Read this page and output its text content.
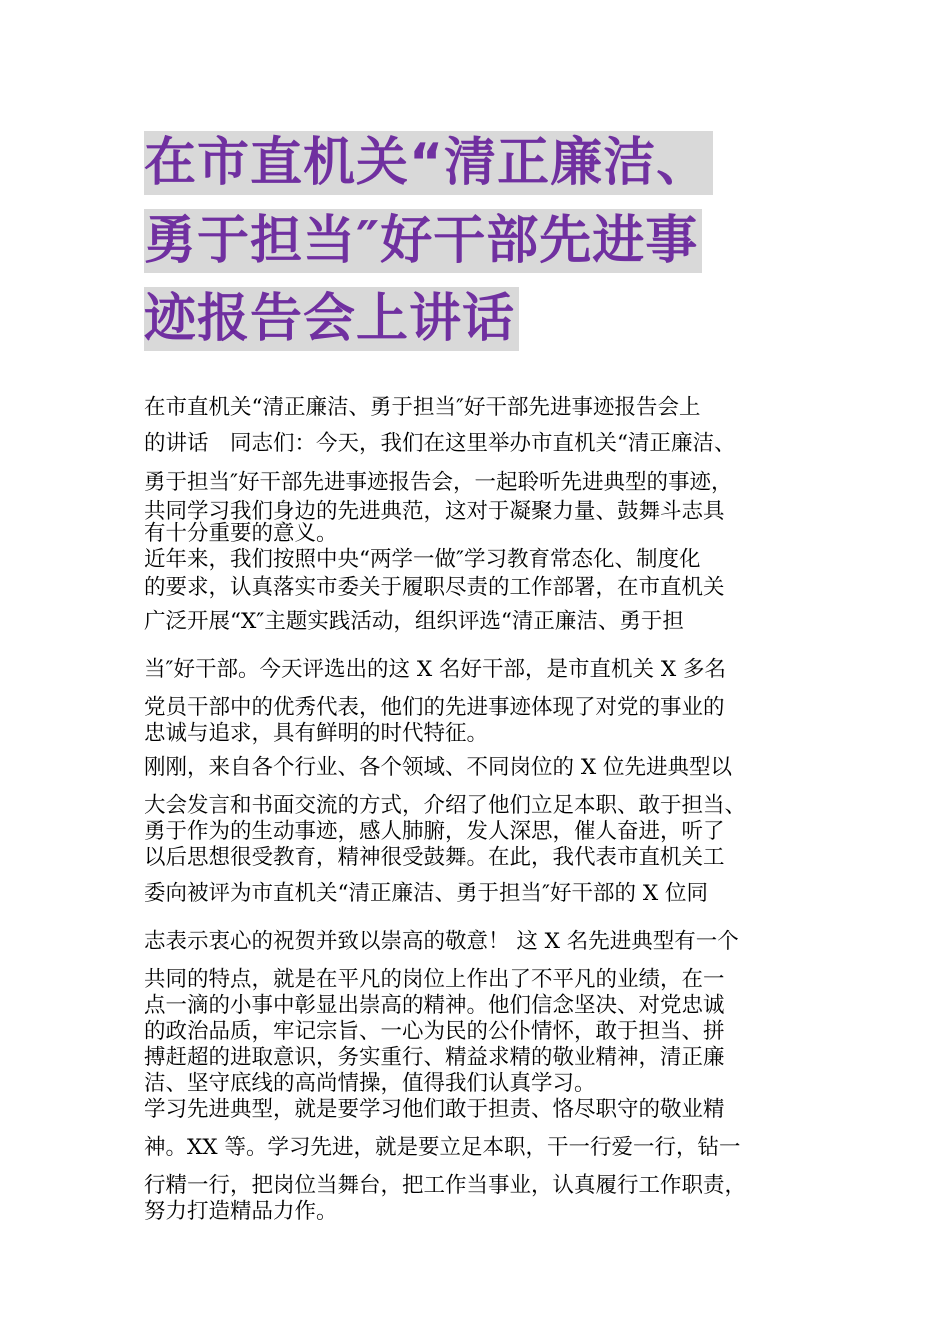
在市直机关“清正廉洁、
勇于担当″好干部先进事
迹报告会上讲话
在市直机关“清正廉洁、勇于担当″好干部先进事迹报告会上
的讲话　同志们：今天，我们在这里举办市直机关“清正廉洁、
勇于担当″好干部先进事迹报告会，一起聆听先进典型的事迹，
共同学习我们身边的先进典范，这对于凝聚力量、鼓舞斗志具
有十分重要的意义。
近年来，我们按照中央“两学一做″学习教育常态化、制度化
的要求，认真落实市委关于履职尽责的工作部署，在市直机关
广泛开展“X″主题实践活动，组织评选“清正廉洁、勇于担
当″好干部。今天评选出的这 X 名好干部，是市直机关 X 多名
党员干部中的优秀代表，他们的先进事迹体现了对党的事业的
忠诚与追求，具有鲜明的时代特征。
刚刚，来自各个行业、各个领域、不同岗位的 X 位先进典型以
大会发言和书面交流的方式，介绍了他们立足本职、敢于担当、
勇于作为的生动事迹，感人肺腑，发人深思，催人奋进，听了
以后思想很受教育，精神很受鼓舞。在此，我代表市直机关工
委向被评为市直机关“清正廉洁、勇于担当″好干部的 X 位同
志表示衷心的祝贺并致以崇高的敬意！ 这 X 名先进典型有一个
共同的特点，就是在平凡的岗位上作出了不平凡的业绩，在一
点一滴的小事中彰显出崇高的精神。他们信念坚决、对党忠诚
的政治品质，牢记宗旨、一心为民的公仆情怀，敢于担当、拼
搏赶超的进取意识，务实重行、精益求精的敬业精神，清正廉
洁、坚守底线的高尚情操，值得我们认真学习。
学习先进典型，就是要学习他们敢于担责、恪尽职守的敬业精
神。XX 等。学习先进，就是要立足本职，干一行爱一行，钻一
行精一行，把岗位当舞台，把工作当事业，认真履行工作职责，
努力打造精品力作。
